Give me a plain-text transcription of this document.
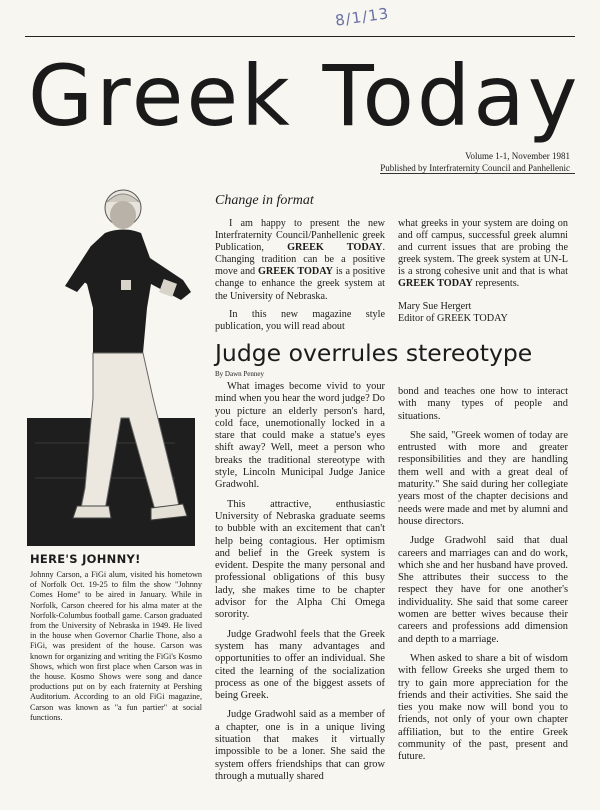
8/1/13
Greek Today
Volume 1-1, November 1981
Published by Interfraternity Council and Panhellenic
HERE'S JOHNNY!

Johnny Carson, a FiGi alum, visited his hometown of Norfolk Oct. 19-25 to film the show "Johnny Comes Home" to be aired in January. While in Norfolk, Carson cheered for his alma mater at the Norfolk-Columbus football game. Carson graduated from the University of Nebraska in 1949. He lived in the house when Governor Charlie Thone, also a FiGi, was president of the house. Carson was known for organizing and writing the FiGi's Kosmo Shows, which won first place when Carson was in the house. Kosmo Shows were song and dance productions put on by each fraternity at Pershing Auditorium. According to an old FiGi magazine, Carson was known as "a fun partier" at social functions.

Change in format

I am happy to present the new Interfraternity Council/Panhellenic greek Publication, GREEK TODAY. Changing tradition can be a positive move and GREEK TODAY is a positive change to enhance the greek system at the University of Nebraska.

In this new magazine style publication, you will read about

what greeks in your system are doing on and off campus, successful greek alumni and current issues that are probing the greek system. The greek system at UN-L is a strong cohesive unit and that is what GREEK TODAY represents.

Mary Sue Hergert

Editor of GREEK TODAY

Judge overrules stereotype
By Dawn Penney

What images become vivid to your mind when you hear the word judge? Do you picture an elderly person's hard, cold face, unemotionally locked in a stare that could make a statue's eyes shift away? Well, meet a person who breaks the traditional stereotype with style, Lincoln Municipal Judge Janice Gradwohl.

This attractive, enthusiastic University of Nebraska graduate seems to bubble with an excitement that can't help being contagious. Her optimism and belief in the Greek system is evident. Despite the many personal and professional obligations of this busy lady, she makes time to be chapter advisor for the Alpha Chi Omega sorority.

Judge Gradwohl feels that the Greek system has many advantages and opportunities to offer an individual. She cited the learning of the socialization process as one of the biggest assets of being Greek.

Judge Gradwohl said as a member of a chapter, one is in a unique living situation that makes it virtually impossible to be a loner. She said the system offers friendships that can grow through a mutually shared

bond and teaches one how to interact with many types of people and situations.

She said, "Greek women of today are entrusted with more and greater responsibilities and they are handling them well and with a great deal of maturity." She said during her collegiate years most of the chapter decisions and needs were made and met by alumni and house directors.

Judge Gradwohl said that dual careers and marriages can and do work, which she and her husband have proved. She attributes their success to the respect they have for one another's individuality. She said that some career women are better wives because their careers and professions add dimension and depth to a marriage.

When asked to share a bit of wisdom with fellow Greeks she urged them to try to gain more appreciation for the friends and their activities. She said the ties you make now will bond you to friends, not only of your own chapter affiliation, but to the entire Greek community of the past, present and future.
